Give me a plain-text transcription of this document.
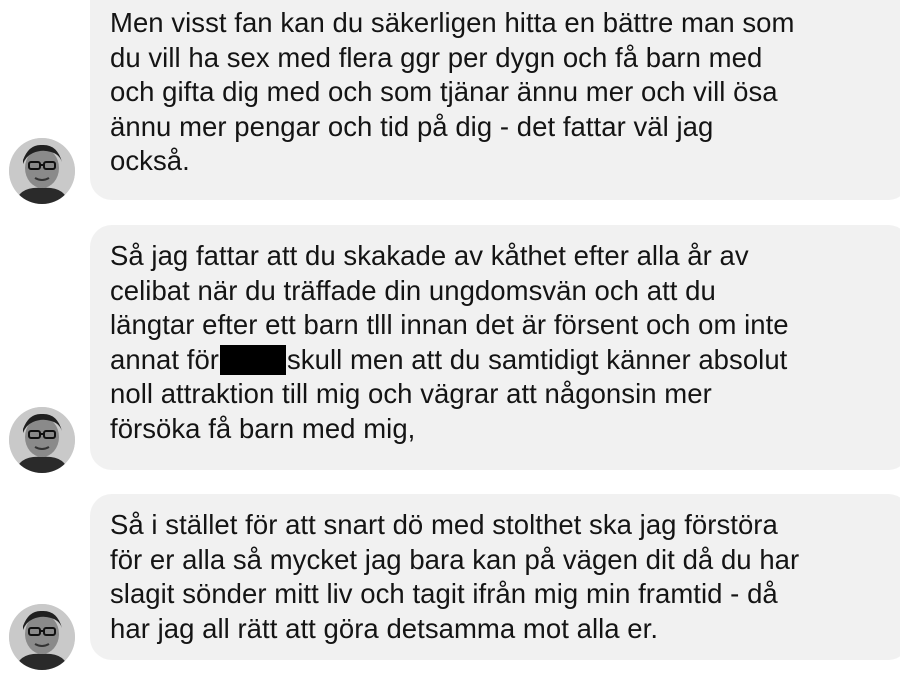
Men visst fan kan du säkerligen hitta en bättre man som
du vill ha sex med flera ggr per dygn och få barn med
och gifta dig med och som tjänar ännu mer och vill ösa
ännu mer pengar och tid på dig - det fattar väl jag
också.

Så jag fattar att du skakade av kåthet efter alla år av
celibat när du träffade din ungdomsvän och att du
längtar efter ett barn tlll innan det är försent och om inte
annat för skull men att du samtidigt känner absolut
noll attraktion till mig och vägrar att någonsin mer
försöka få barn med mig,

Så i stället för att snart dö med stolthet ska jag förstöra
för er alla så mycket jag bara kan på vägen dit då du har
slagit sönder mitt liv och tagit ifrån mig min framtid - då
har jag all rätt att göra detsamma mot alla er.
